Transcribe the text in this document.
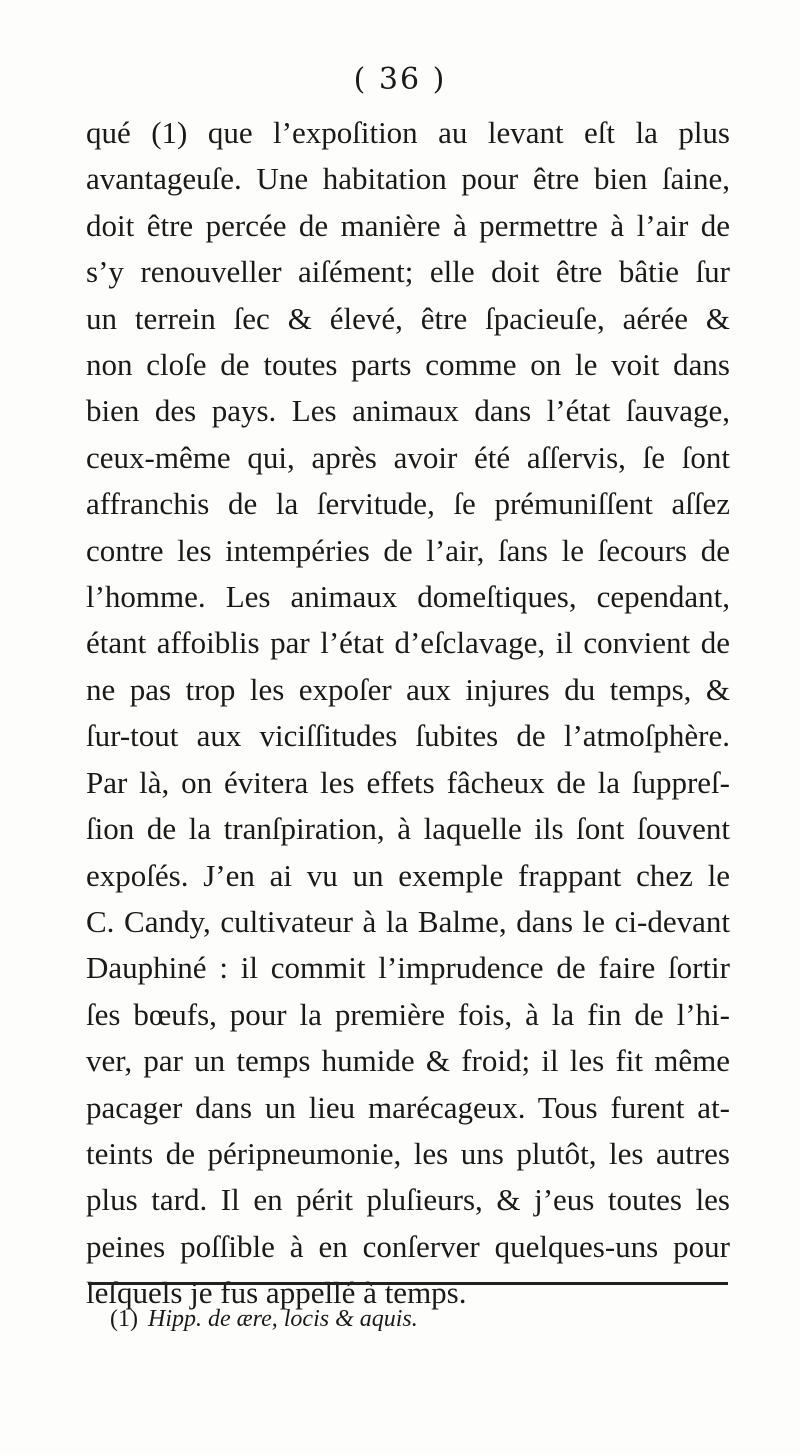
( 36 )
qué (1) que l’expoſition au levant eſt la plus
avantageuſe. Une habitation pour être bien ſaine,
doit être percée de manière à permettre à l’air de
s’y renouveller aiſément; elle doit être bâtie ſur
un terrein ſec & élevé, être ſpacieuſe, aérée &
non cloſe de toutes parts comme on le voit dans
bien des pays. Les animaux dans l’état ſauvage,
ceux-même qui, après avoir été aſſervis, ſe ſont
affranchis de la ſervitude, ſe prémuniſſent aſſez
contre les intempéries de l’air, ſans le ſecours de
l’homme. Les animaux domeſtiques, cependant,
étant affoiblis par l’état d’eſclavage, il convient de
ne pas trop les expoſer aux injures du temps, &
ſur-tout aux viciſſitudes ſubites de l’atmoſphère.
Par là, on évitera les effets fâcheux de la ſuppreſ-
ſion de la tranſpiration, à laquelle ils ſont ſouvent
expoſés. J’en ai vu un exemple frappant chez le
C. Candy, cultivateur à la Balme, dans le ci-devant
Dauphiné : il commit l’imprudence de faire ſortir
ſes bœufs, pour la première fois, à la fin de l’hi-
ver, par un temps humide & froid; il les fit même
pacager dans un lieu marécageux. Tous furent at-
teints de péripneumonie, les uns plutôt, les autres
plus tard. Il en périt pluſieurs, & j’eus toutes les
peines poſſible à en conſerver quelques-uns pour
leſquels je fus appellé à temps.
(1) Hipp. de ære, locis & aquis.
